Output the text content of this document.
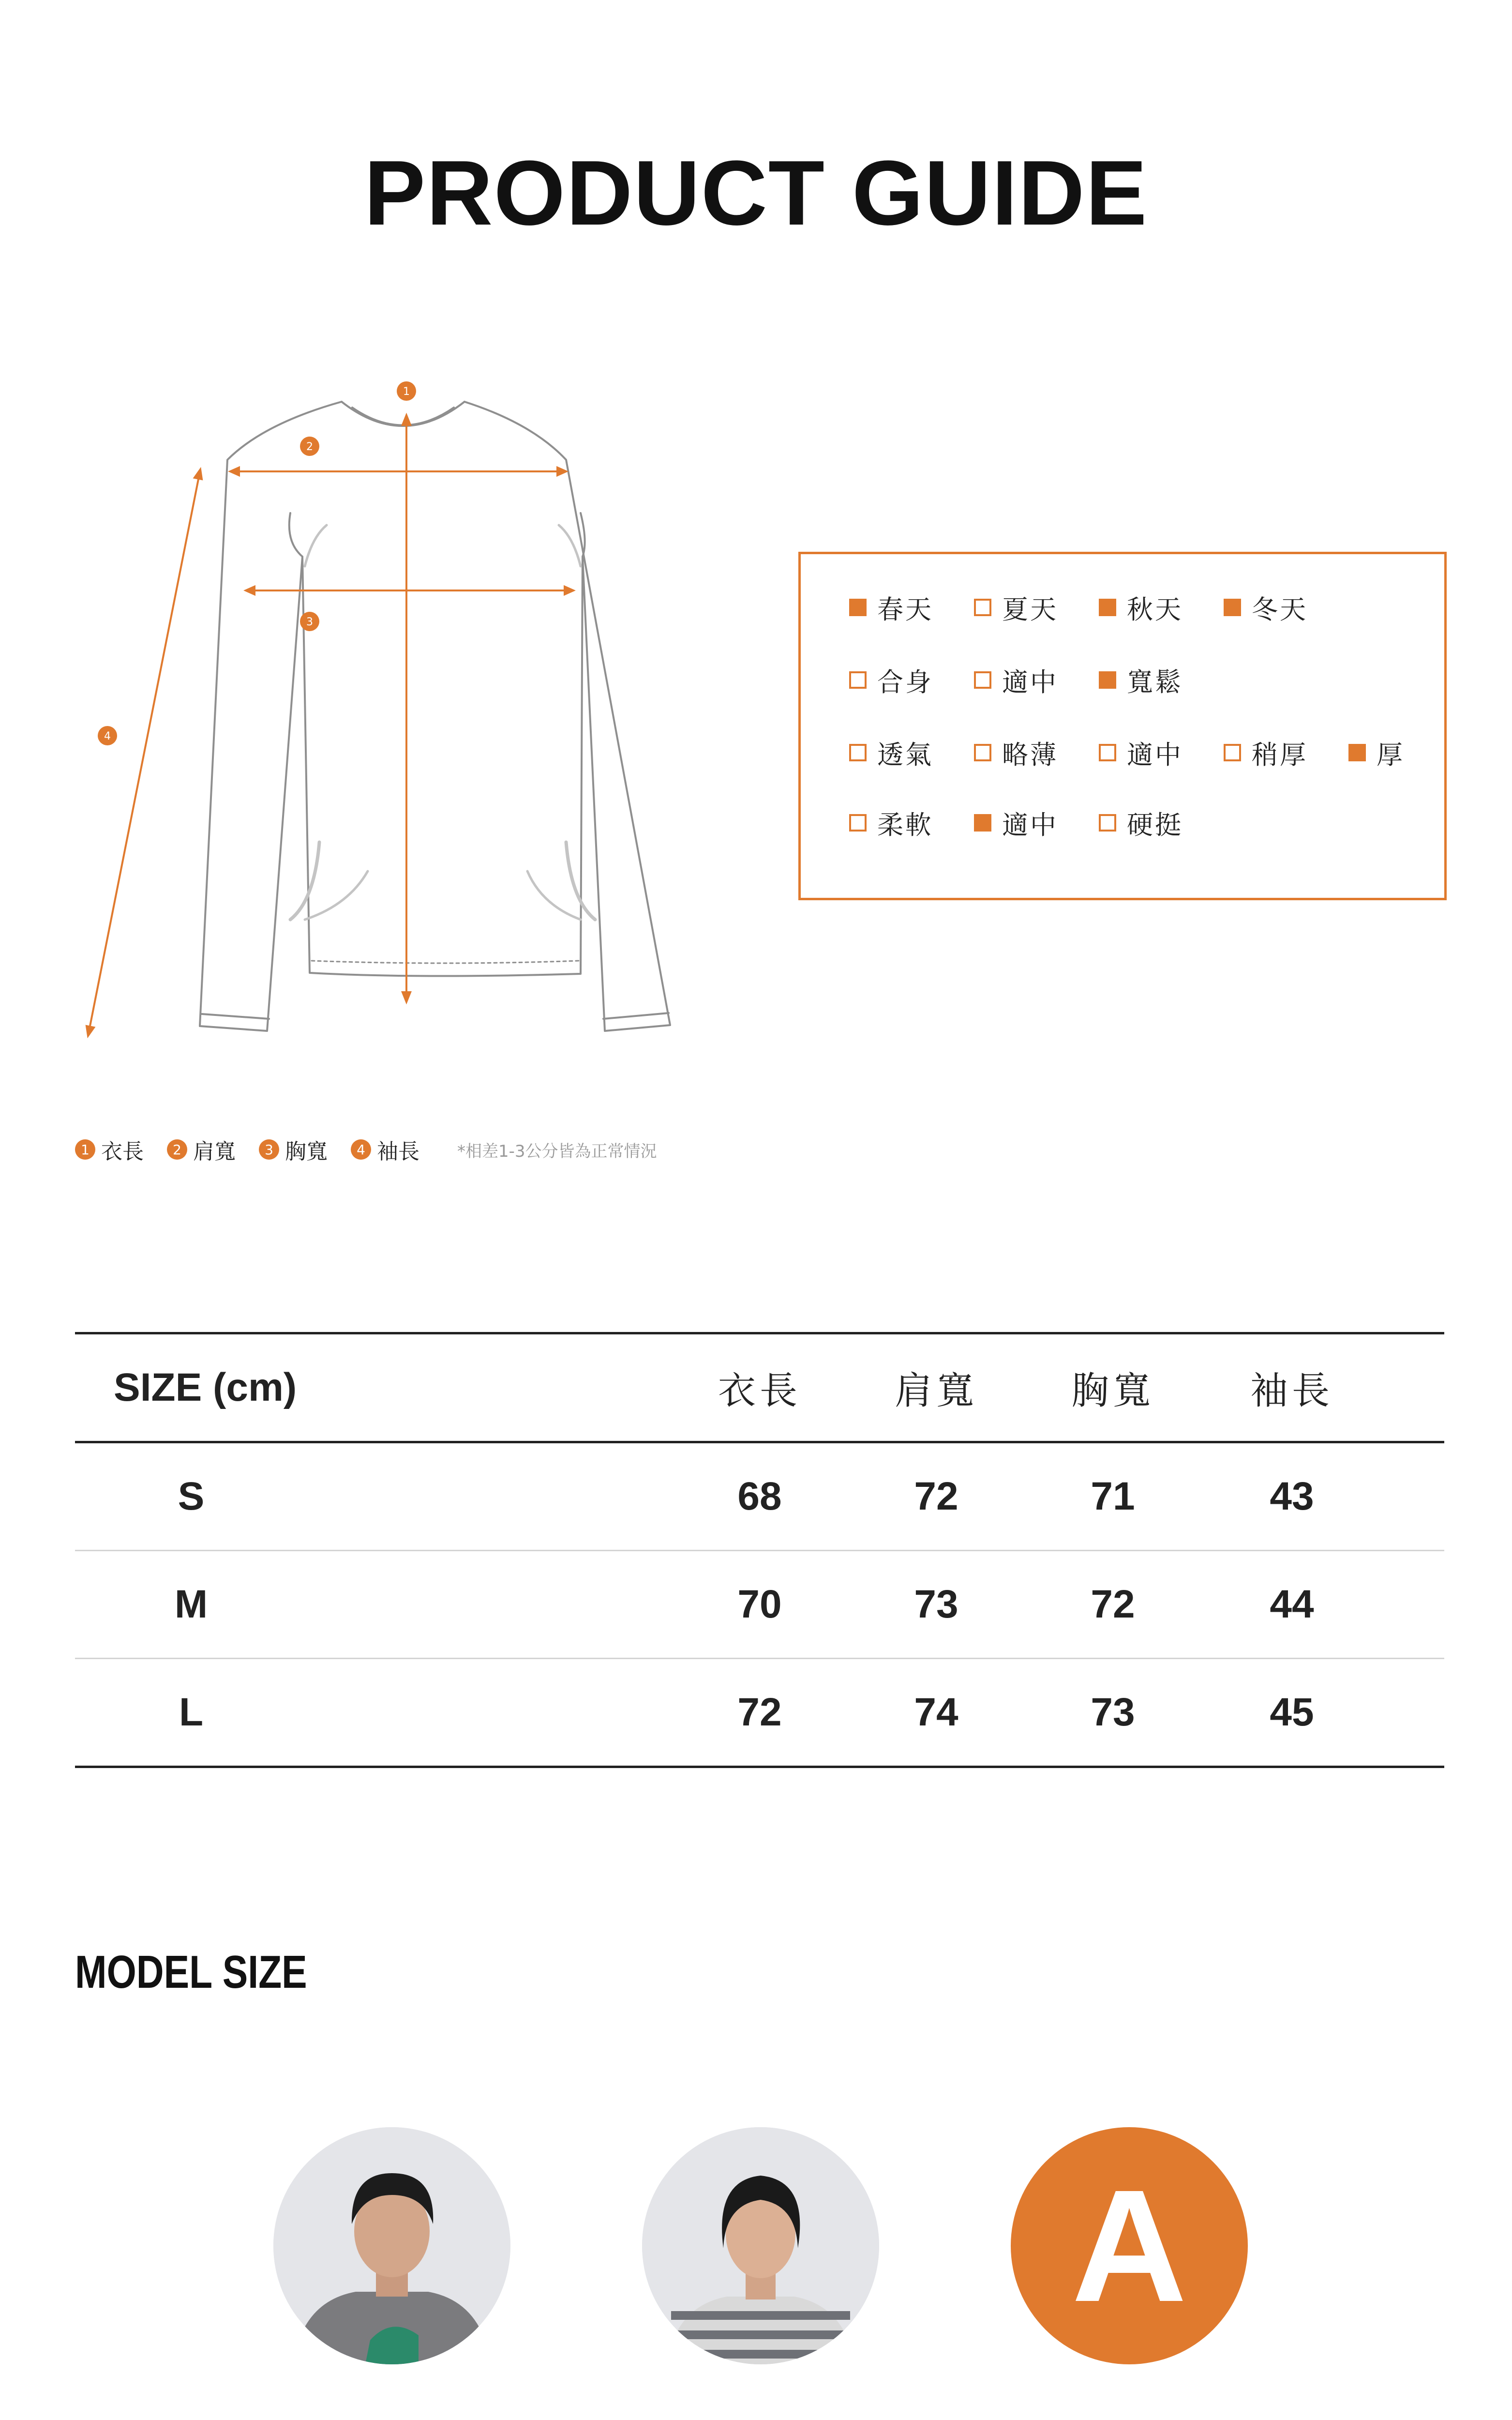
PRODUCT GUIDE
1
2
3
4
1 衣長	2 肩寬	3 胸寬	4 袖長 *相差1-3公分皆為正常情況
春天	夏天	秋天	冬天
合身	適中	寬鬆
透氣	略薄	適中	稍厚	厚
柔軟	適中	硬挺
SIZE (cm)	衣長	肩寬	胸寬	袖長
S	68	72	71	43
M	70	73	72	44
L	72	74	73	45
MODEL SIZE
A
